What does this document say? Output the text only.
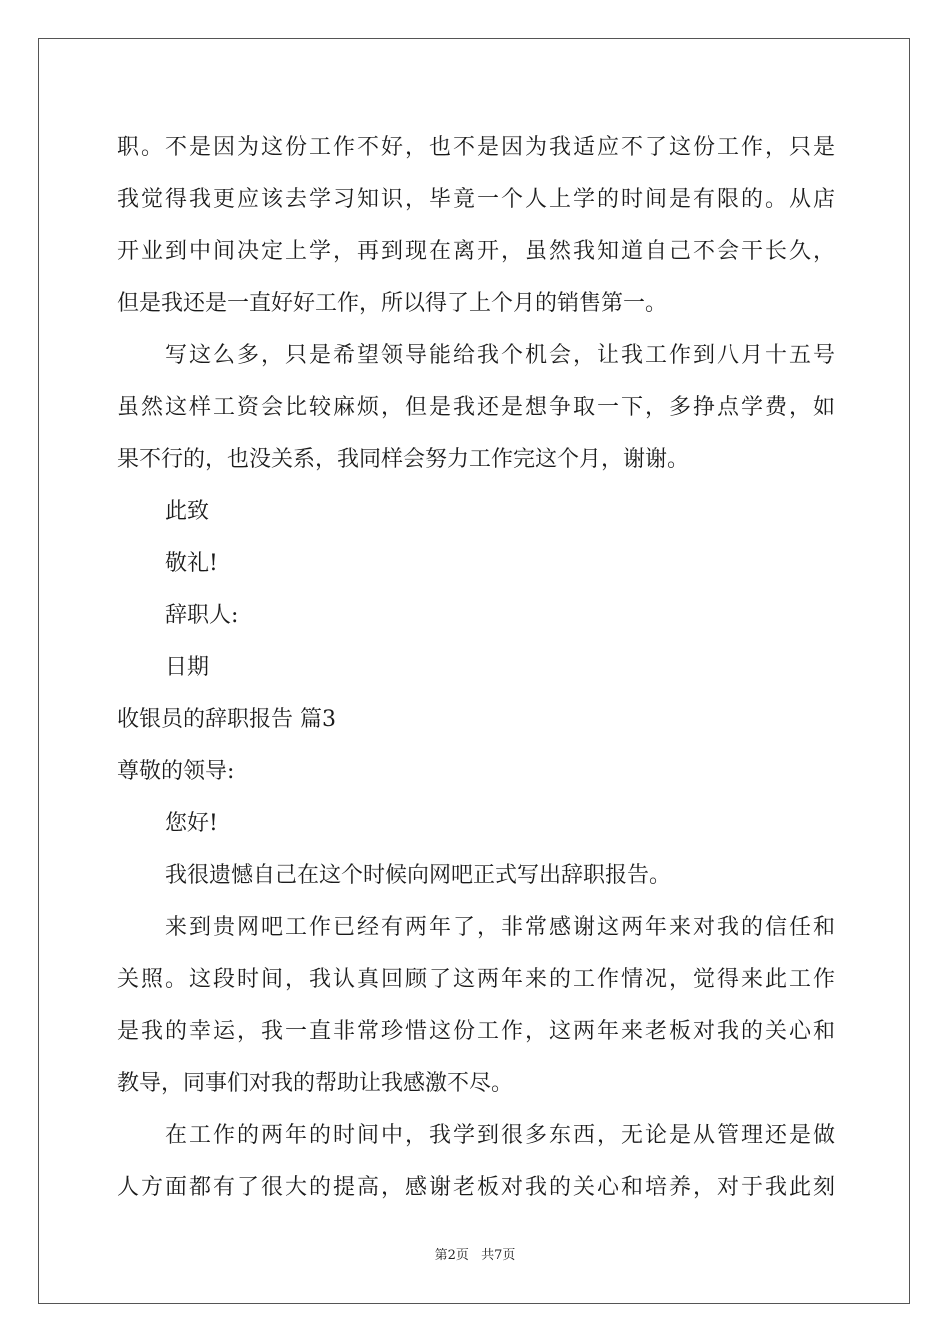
职。不是因为这份工作不好，也不是因为我适应不了这份工作，只是
我觉得我更应该去学习知识，毕竟一个人上学的时间是有限的。从店
开业到中间决定上学，再到现在离开，虽然我知道自己不会干长久，
但是我还是一直好好工作，所以得了上个月的销售第一。
写这么多，只是希望领导能给我个机会，让我工作到八月十五号
虽然这样工资会比较麻烦，但是我还是想争取一下，多挣点学费，如
果不行的，也没关系，我同样会努力工作完这个月，谢谢。
此致
敬礼!
辞职人:
日期
收银员的辞职报告 篇3
尊敬的领导:
您好!
我很遗憾自己在这个时候向网吧正式写出辞职报告。
来到贵网吧工作已经有两年了，非常感谢这两年来对我的信任和
关照。这段时间，我认真回顾了这两年来的工作情况，觉得来此工作
是我的幸运，我一直非常珍惜这份工作，这两年来老板对我的关心和
教导，同事们对我的帮助让我感激不尽。
在工作的两年的时间中，我学到很多东西，无论是从管理还是做
人方面都有了很大的提高，感谢老板对我的关心和培养，对于我此刻
第2页 共7页
